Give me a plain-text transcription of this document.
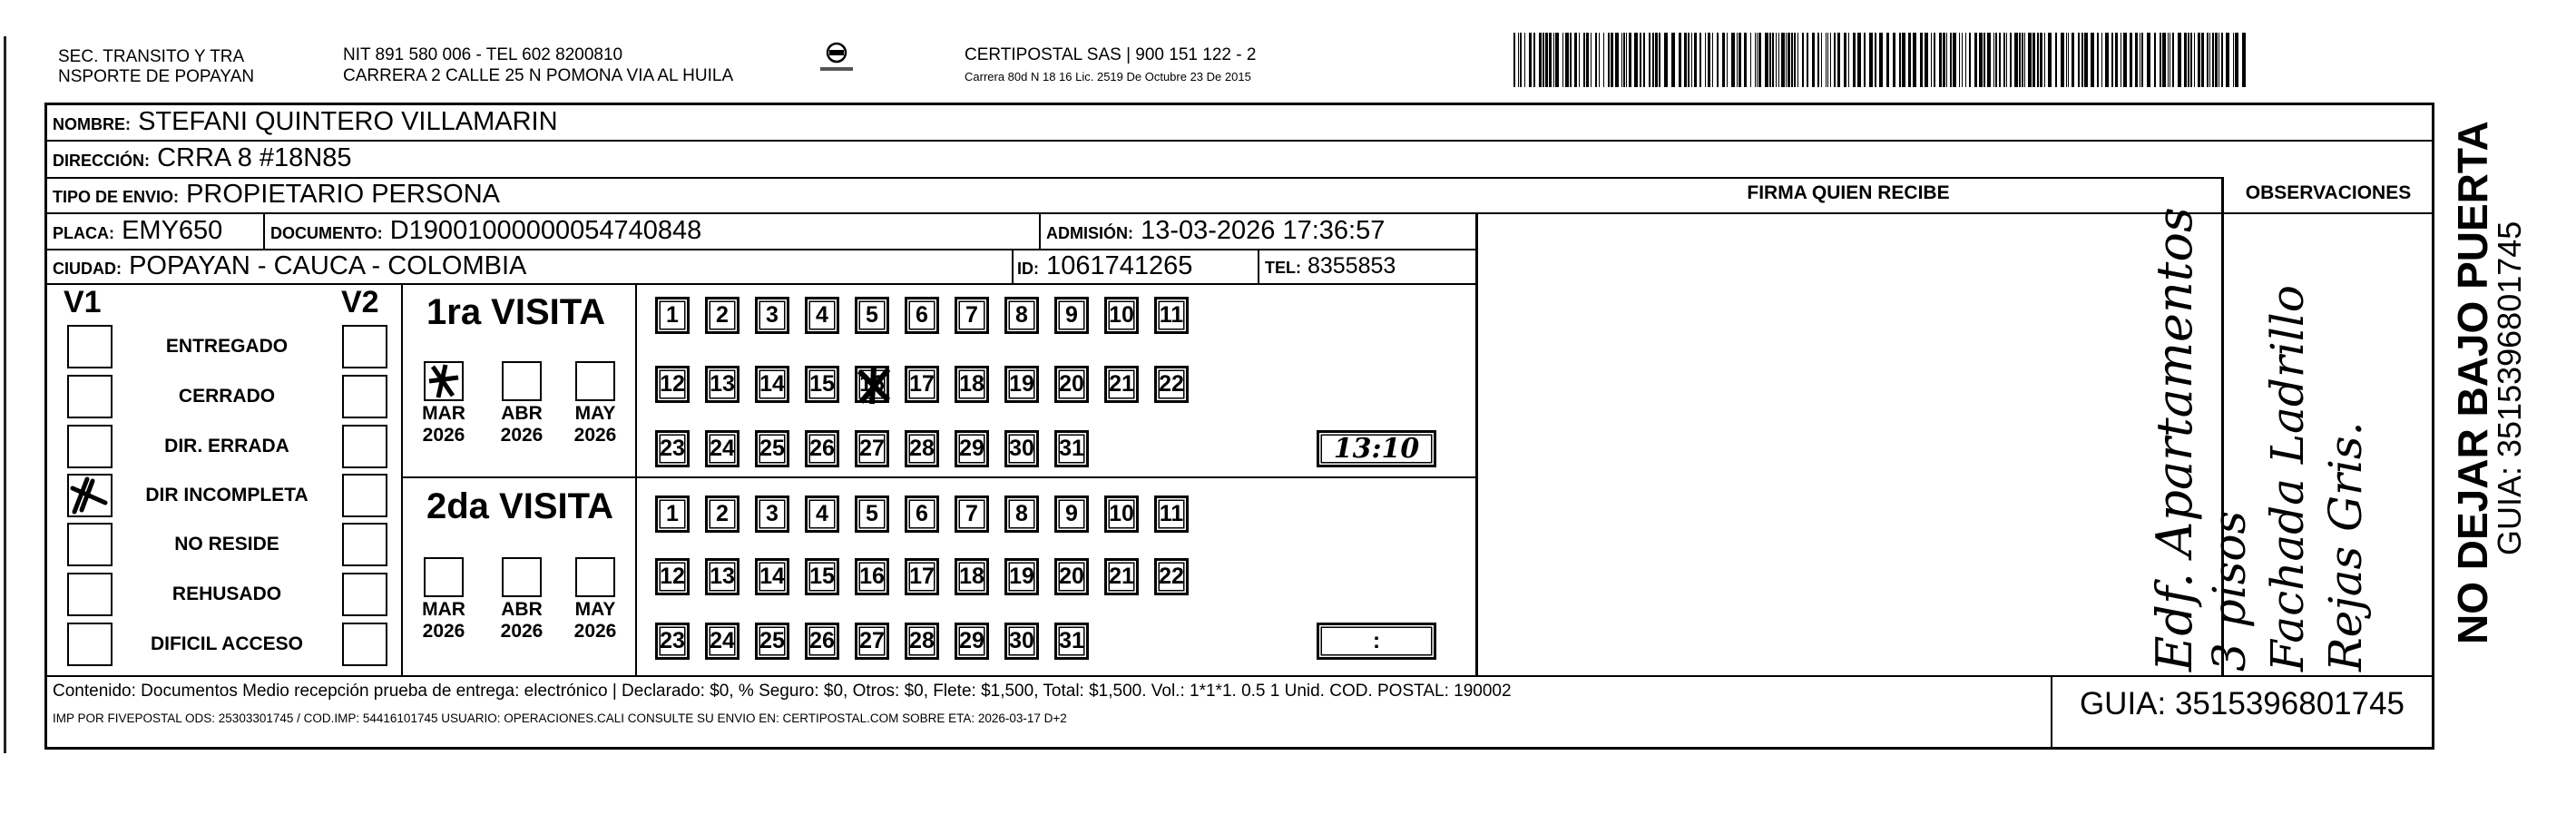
SEC. TRANSITO Y TRA
NSPORTE DE POPAYAN
NIT 891 580 006 - TEL 602 8200810
CARRERA 2 CALLE 25 N POMONA VIA AL HUILA
CERTIPOSTAL SAS | 900 151 122 - 2
Carrera 80d N 18 16 Lic. 2519 De Octubre 23 De 2015
NOMBRE: STEFANI QUINTERO VILLAMARIN
DIRECCIÓN: CRRA 8 #18N85
TIPO DE ENVIO: PROPIETARIO PERSONA	FIRMA QUIEN RECIBE	OBSERVACIONES
PLACA: EMY650	DOCUMENTO: D19001000000054740848	ADMISIÓN: 13-03-2026 17:36:57
CIUDAD: POPAYAN - CAUCA - COLOMBIA	ID: 1061741265	TEL: 8355853
V1	V2
ENTREGADO
CERRADO
DIR. ERRADA
DIR INCOMPLETA
NO RESIDE
REHUSADO
DIFICIL ACCESO
1ra VISITA
2da VISITA
MAR
2026
ABR
2026
MAY
2026
1 2 3 4 5 6 7 8 9 10 11
12 13 14 15 16 17 18 19 20 21 22
23 24 25 26 27 28 29 30 31	13:10
MAR
2026
ABR
2026
MAY
2026
1 2 3 4 5 6 7 8 9 10 11
12 13 14 15 16 17 18 19 20 21 22
23 24 25 26 27 28 29 30 31	:	Edf. Apartamentos 3 pisos Fachada Ladrillo Rejas Gris.
Contenido: Documentos Medio recepción prueba de entrega: electrónico | Declarado: $0, % Seguro: $0, Otros: $0, Flete: $1,500, Total: $1,500. Vol.: 1*1*1. 0.5 1 Unid. COD. POSTAL: 190002
IMP POR FIVEPOSTAL ODS: 25303301745 / COD.IMP: 54416101745 USUARIO: OPERACIONES.CALI CONSULTE SU ENVIO EN: CERTIPOSTAL.COM SOBRE ETA: 2026-03-17 D+2	GUIA: 3515396801745
NO DEJAR BAJO PUERTA
GUIA: 3515396801745
